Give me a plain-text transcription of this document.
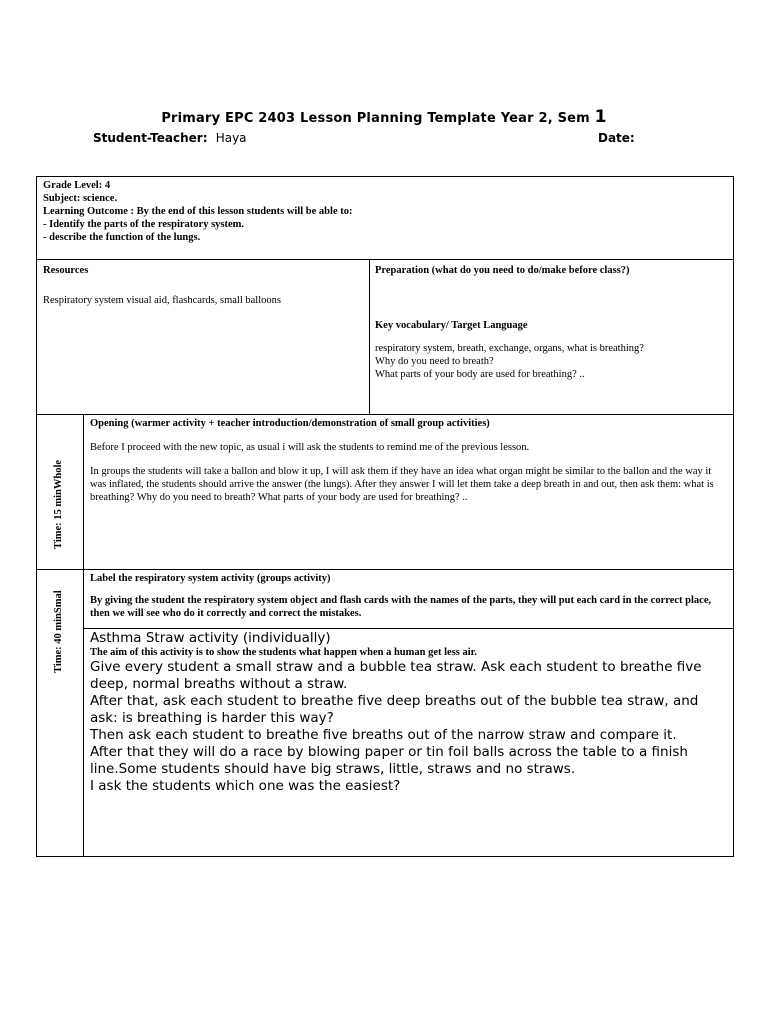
Primary EPC 2403 Lesson Planning Template Year 2, Sem 1
Student-Teacher: Haya	Date:

Grade Level: 4

Subject: science.

Learning Outcome : By the end of this lesson students will be able to:

- Identify the parts of the respiratory system.

- describe the function of the lungs.

Resources

Respiratory system visual aid, flashcards, small balloons

Preparation (what do you need to do/make before class?)

Key vocabulary/ Target Language

respiratory system, breath, exchange, organs, what is breathing?

Why do you need to breath?

What parts of your body are used for breathing? ..

Time: 15 minWhole

Opening (warmer activity + teacher introduction/demonstration of small group activities)

Before I proceed with the new topic, as usual i will ask the students to remind me of the previous lesson.

In groups the students will take a ballon and blow it up, I will ask them if they have an idea what organ might be similar to the ballon and the way it was inflated, the students should arrive the answer (the lungs). After they answer I will let them take a deep breath in and out, then ask them: what is breathing? Why do you need to breath? What parts of your body are used for breathing? ..

Time: 40 minSmal

Label the respiratory system activity (groups activity)

By giving the student the respiratory system object and flash cards with the names of the parts, they will put each card in the correct place, then we will see who do it correctly and correct the mistakes.

Asthma Straw activity (individually)

The aim of this activity is to show the students what happen when a human get less air.

Give every student a small straw and a bubble tea straw. Ask each student to breathe five deep, normal breaths without a straw.

After that, ask each student to breathe five deep breaths out of the bubble tea straw, and ask: is breathing is harder this way?

Then ask each student to breathe five breaths out of the narrow straw and compare it.

After that they will do a race by blowing paper or tin foil balls across the table to a finish line.Some students should have big straws, little, straws and no straws.

I ask the students which one was the easiest?
